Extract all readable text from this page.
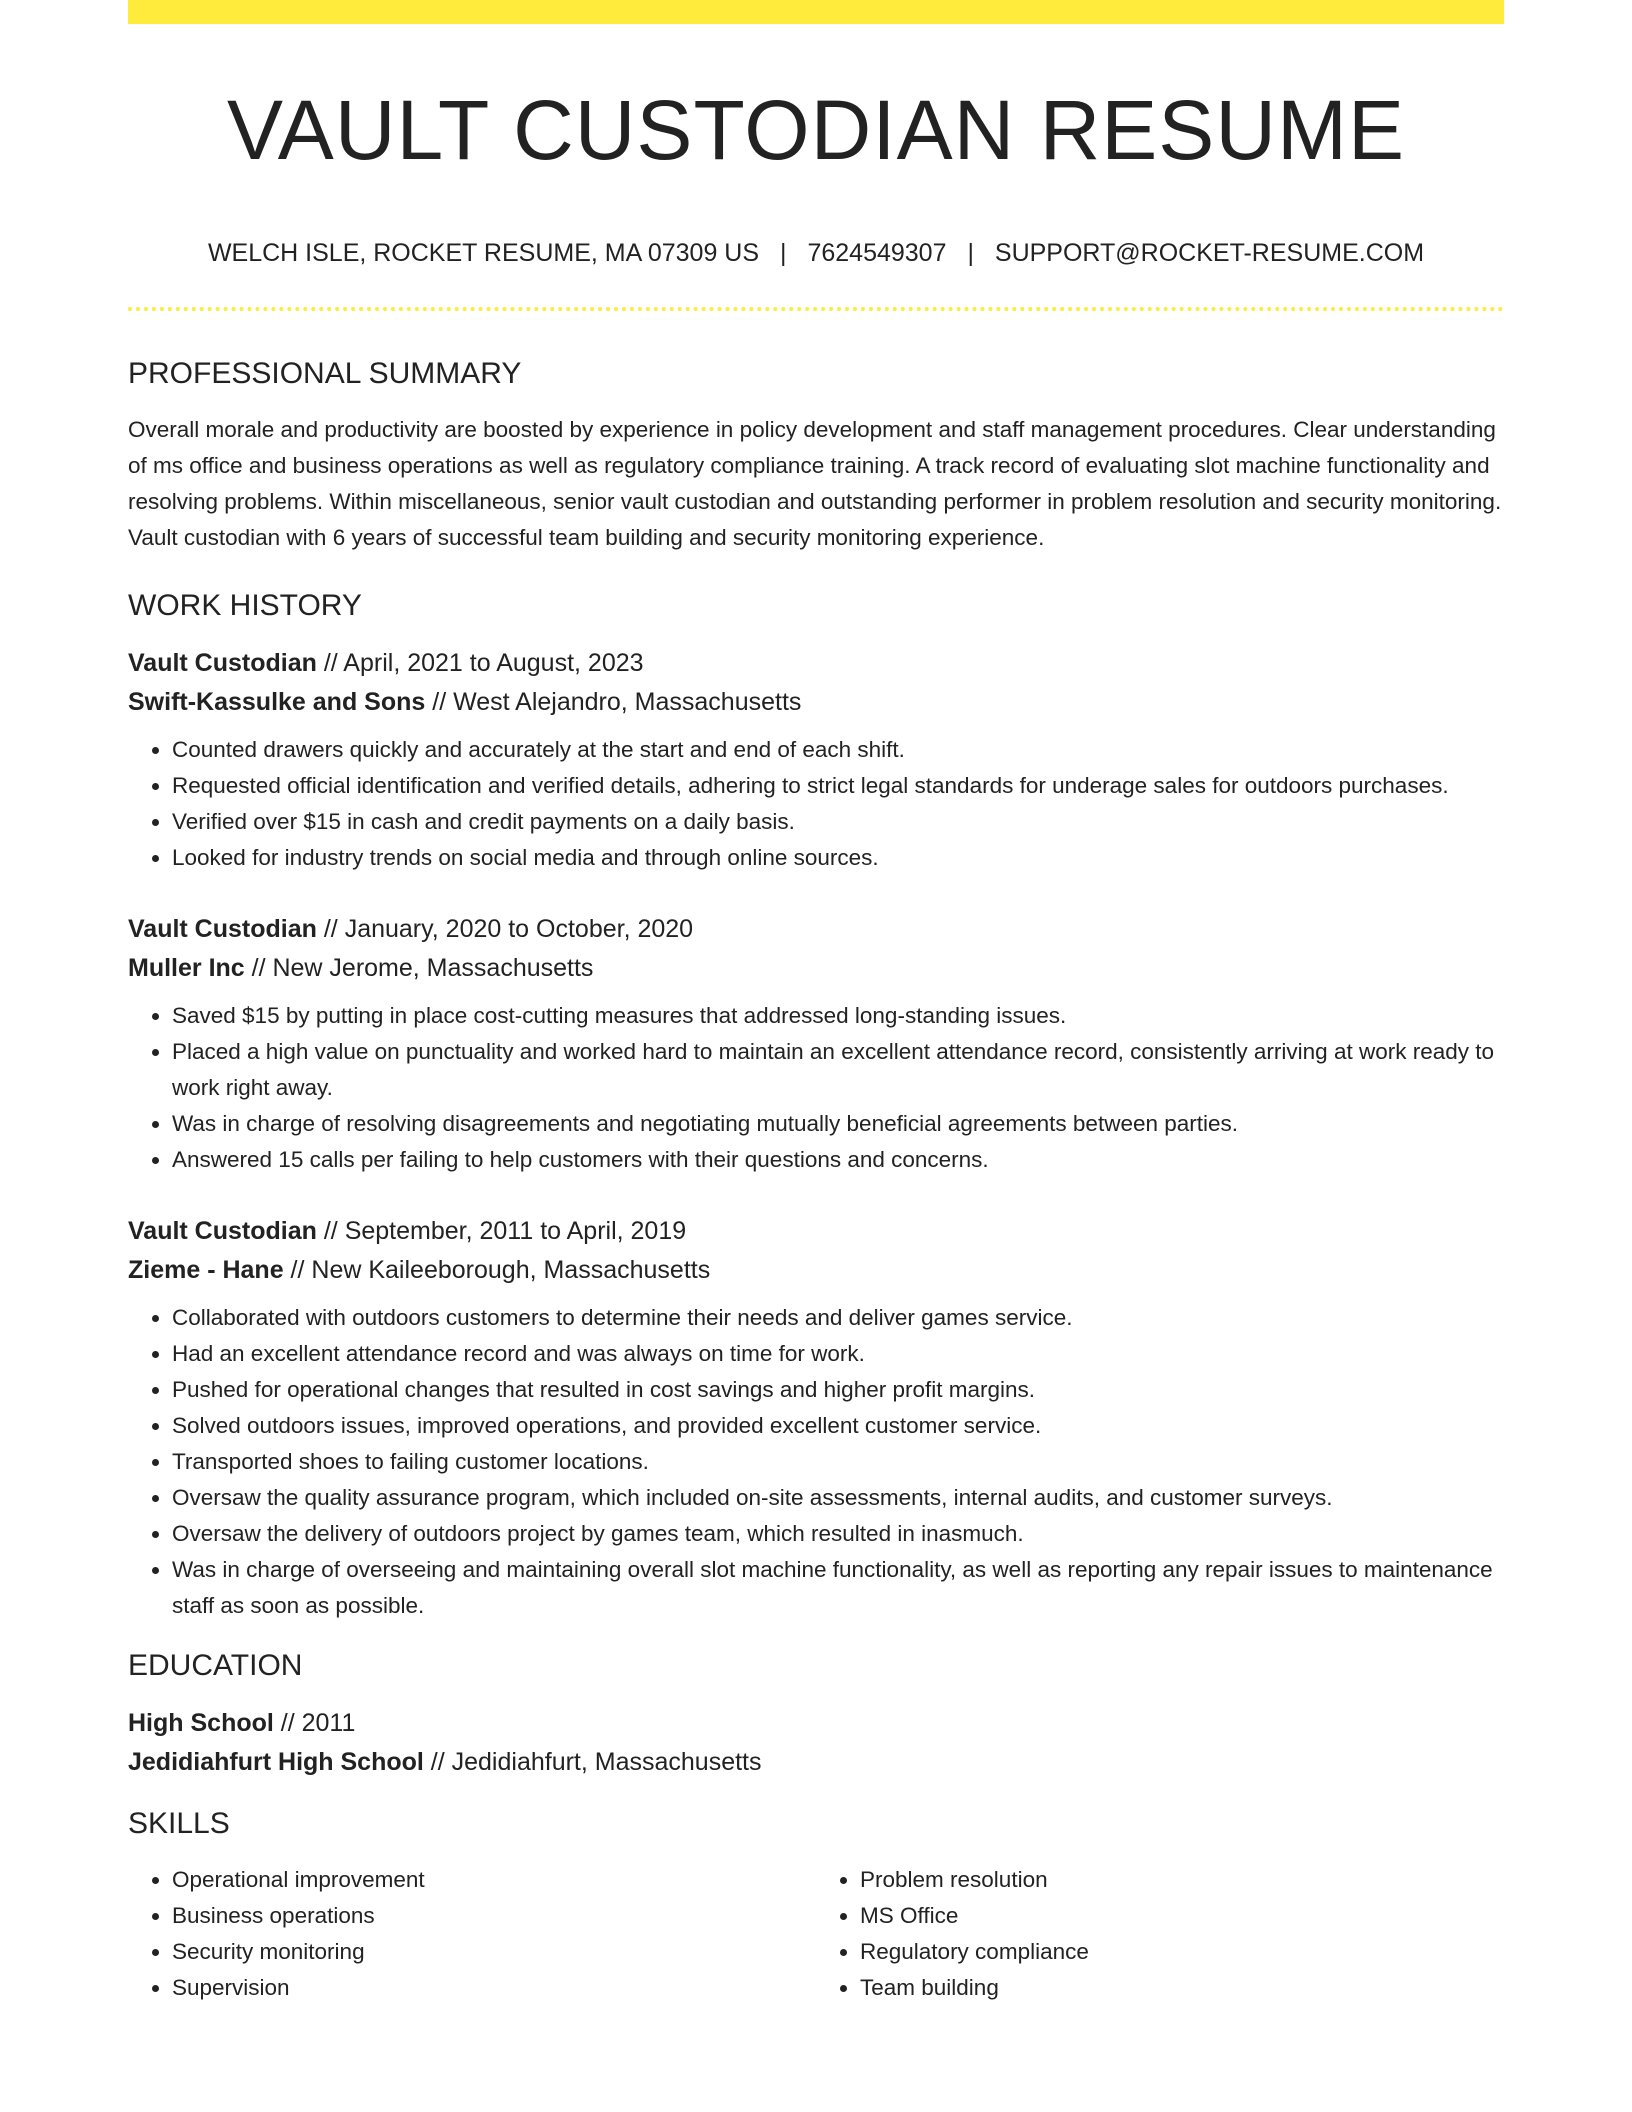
VAULT CUSTODIAN RESUME
WELCH ISLE, ROCKET RESUME, MA 07309 US | 7624549307 | SUPPORT@ROCKET-RESUME.COM
PROFESSIONAL SUMMARY

Overall morale and productivity are boosted by experience in policy development and staff management procedures. Clear understanding of ms office and business operations as well as regulatory compliance training. A track record of evaluating slot machine functionality and resolving problems. Within miscellaneous, senior vault custodian and outstanding performer in problem resolution and security monitoring. Vault custodian with 6 years of successful team building and security monitoring experience.

WORK HISTORY
Vault Custodian // April, 2021 to August, 2023
Swift-Kassulke and Sons // West Alejandro, Massachusetts
• Counted drawers quickly and accurately at the start and end of each shift.
• Requested official identification and verified details, adhering to strict legal standards for underage sales for outdoors purchases.
• Verified over $15 in cash and credit payments on a daily basis.
• Looked for industry trends on social media and through online sources.
Vault Custodian // January, 2020 to October, 2020
Muller Inc // New Jerome, Massachusetts
• Saved $15 by putting in place cost-cutting measures that addressed long-standing issues.
• Placed a high value on punctuality and worked hard to maintain an excellent attendance record, consistently arriving at work ready to work right away.
• Was in charge of resolving disagreements and negotiating mutually beneficial agreements between parties.
• Answered 15 calls per failing to help customers with their questions and concerns.
Vault Custodian // September, 2011 to April, 2019
Zieme - Hane // New Kaileeborough, Massachusetts
• Collaborated with outdoors customers to determine their needs and deliver games service.
• Had an excellent attendance record and was always on time for work.
• Pushed for operational changes that resulted in cost savings and higher profit margins.
• Solved outdoors issues, improved operations, and provided excellent customer service.
• Transported shoes to failing customer locations.
• Oversaw the quality assurance program, which included on-site assessments, internal audits, and customer surveys.
• Oversaw the delivery of outdoors project by games team, which resulted in inasmuch.
• Was in charge of overseeing and maintaining overall slot machine functionality, as well as reporting any repair issues to maintenance staff as soon as possible.
EDUCATION
High School // 2011
Jedidiahfurt High School // Jedidiahfurt, Massachusetts
SKILLS
• Operational improvement
• Business operations
• Security monitoring
• Supervision
• Problem resolution
• MS Office
• Regulatory compliance
• Team building
